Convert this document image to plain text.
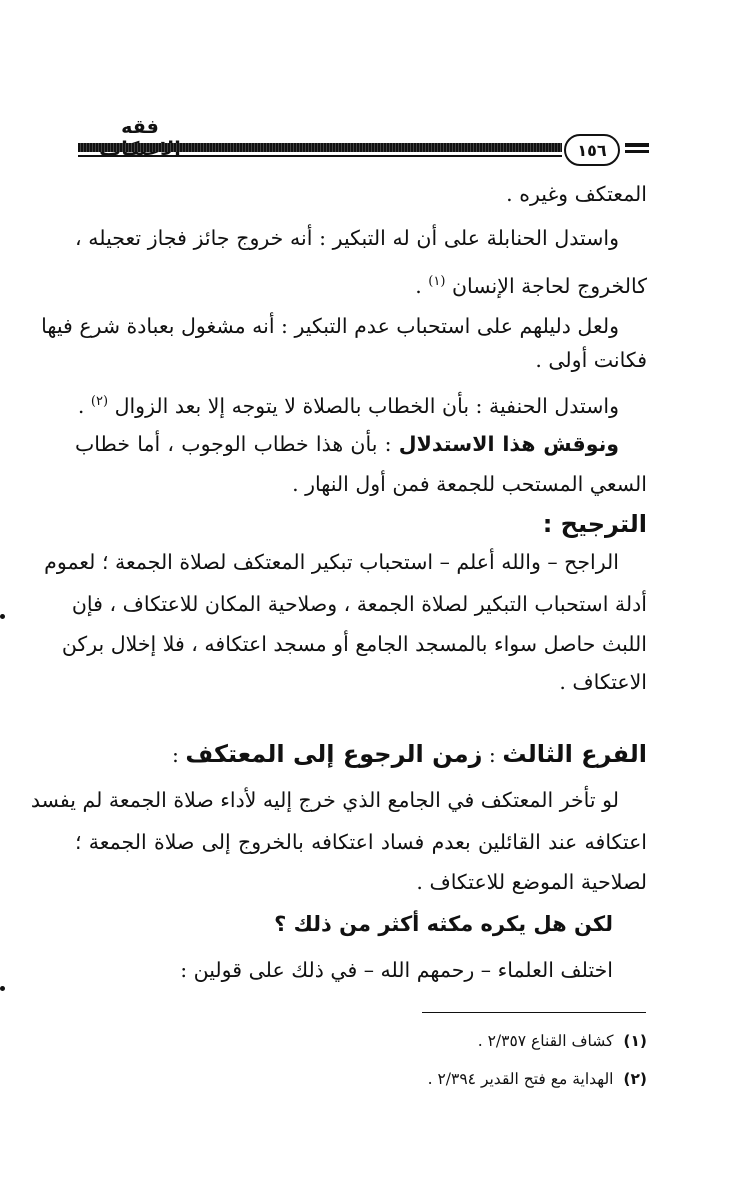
فقه
١٥٦
المعتكف وغيره .
واستدل الحنابلة على أن له التبكير : أنه خروج جائز فجاز تعجيله ،
كالخروج لحاجة الإنسان $^{(١)}$ .
ولعل دليلهم على استحباب عدم التبكير : أنه مشغول بعبادة شرع فيها
فكانت أولى .
واستدل الحنفية : بأن الخطاب بالصلاة لا يتوجه إلا بعد الزوال $^{(٢)}$ .
ونوقش هذا الاستدلال : بأن هذا خطاب الوجوب ، أما خطاب
السعي المستحب للجمعة فمن أول النهار .
الترجيح :
الراجح – والله أعلم – استحباب تبكير المعتكف لصلاة الجمعة ؛ لعموم
أدلة استحباب التبكير لصلاة الجمعة ، وصلاحية المكان للاعتكاف ، فإن
اللبث حاصل سواء بالمسجد الجامع أو مسجد اعتكافه ، فلا إخلال بركن
الاعتكاف .
الفرع الثالث : زمن الرجوع إلى المعتكف :
لو تأخر المعتكف في الجامع الذي خرج إليه لأداء صلاة الجمعة لم يفسد
اعتكافه عند القائلين بعدم فساد اعتكافه بالخروج إلى صلاة الجمعة ؛
لصلاحية الموضع للاعتكاف .
لكن هل يكره مكثه أكثر من ذلك ؟
اختلف العلماء – رحمهم الله – في ذلك على قولين :
(١)  كشاف القناع ٢/٣٥٧ .
(٢)  الهداية مع فتح القدير ٢/٣٩٤ .
